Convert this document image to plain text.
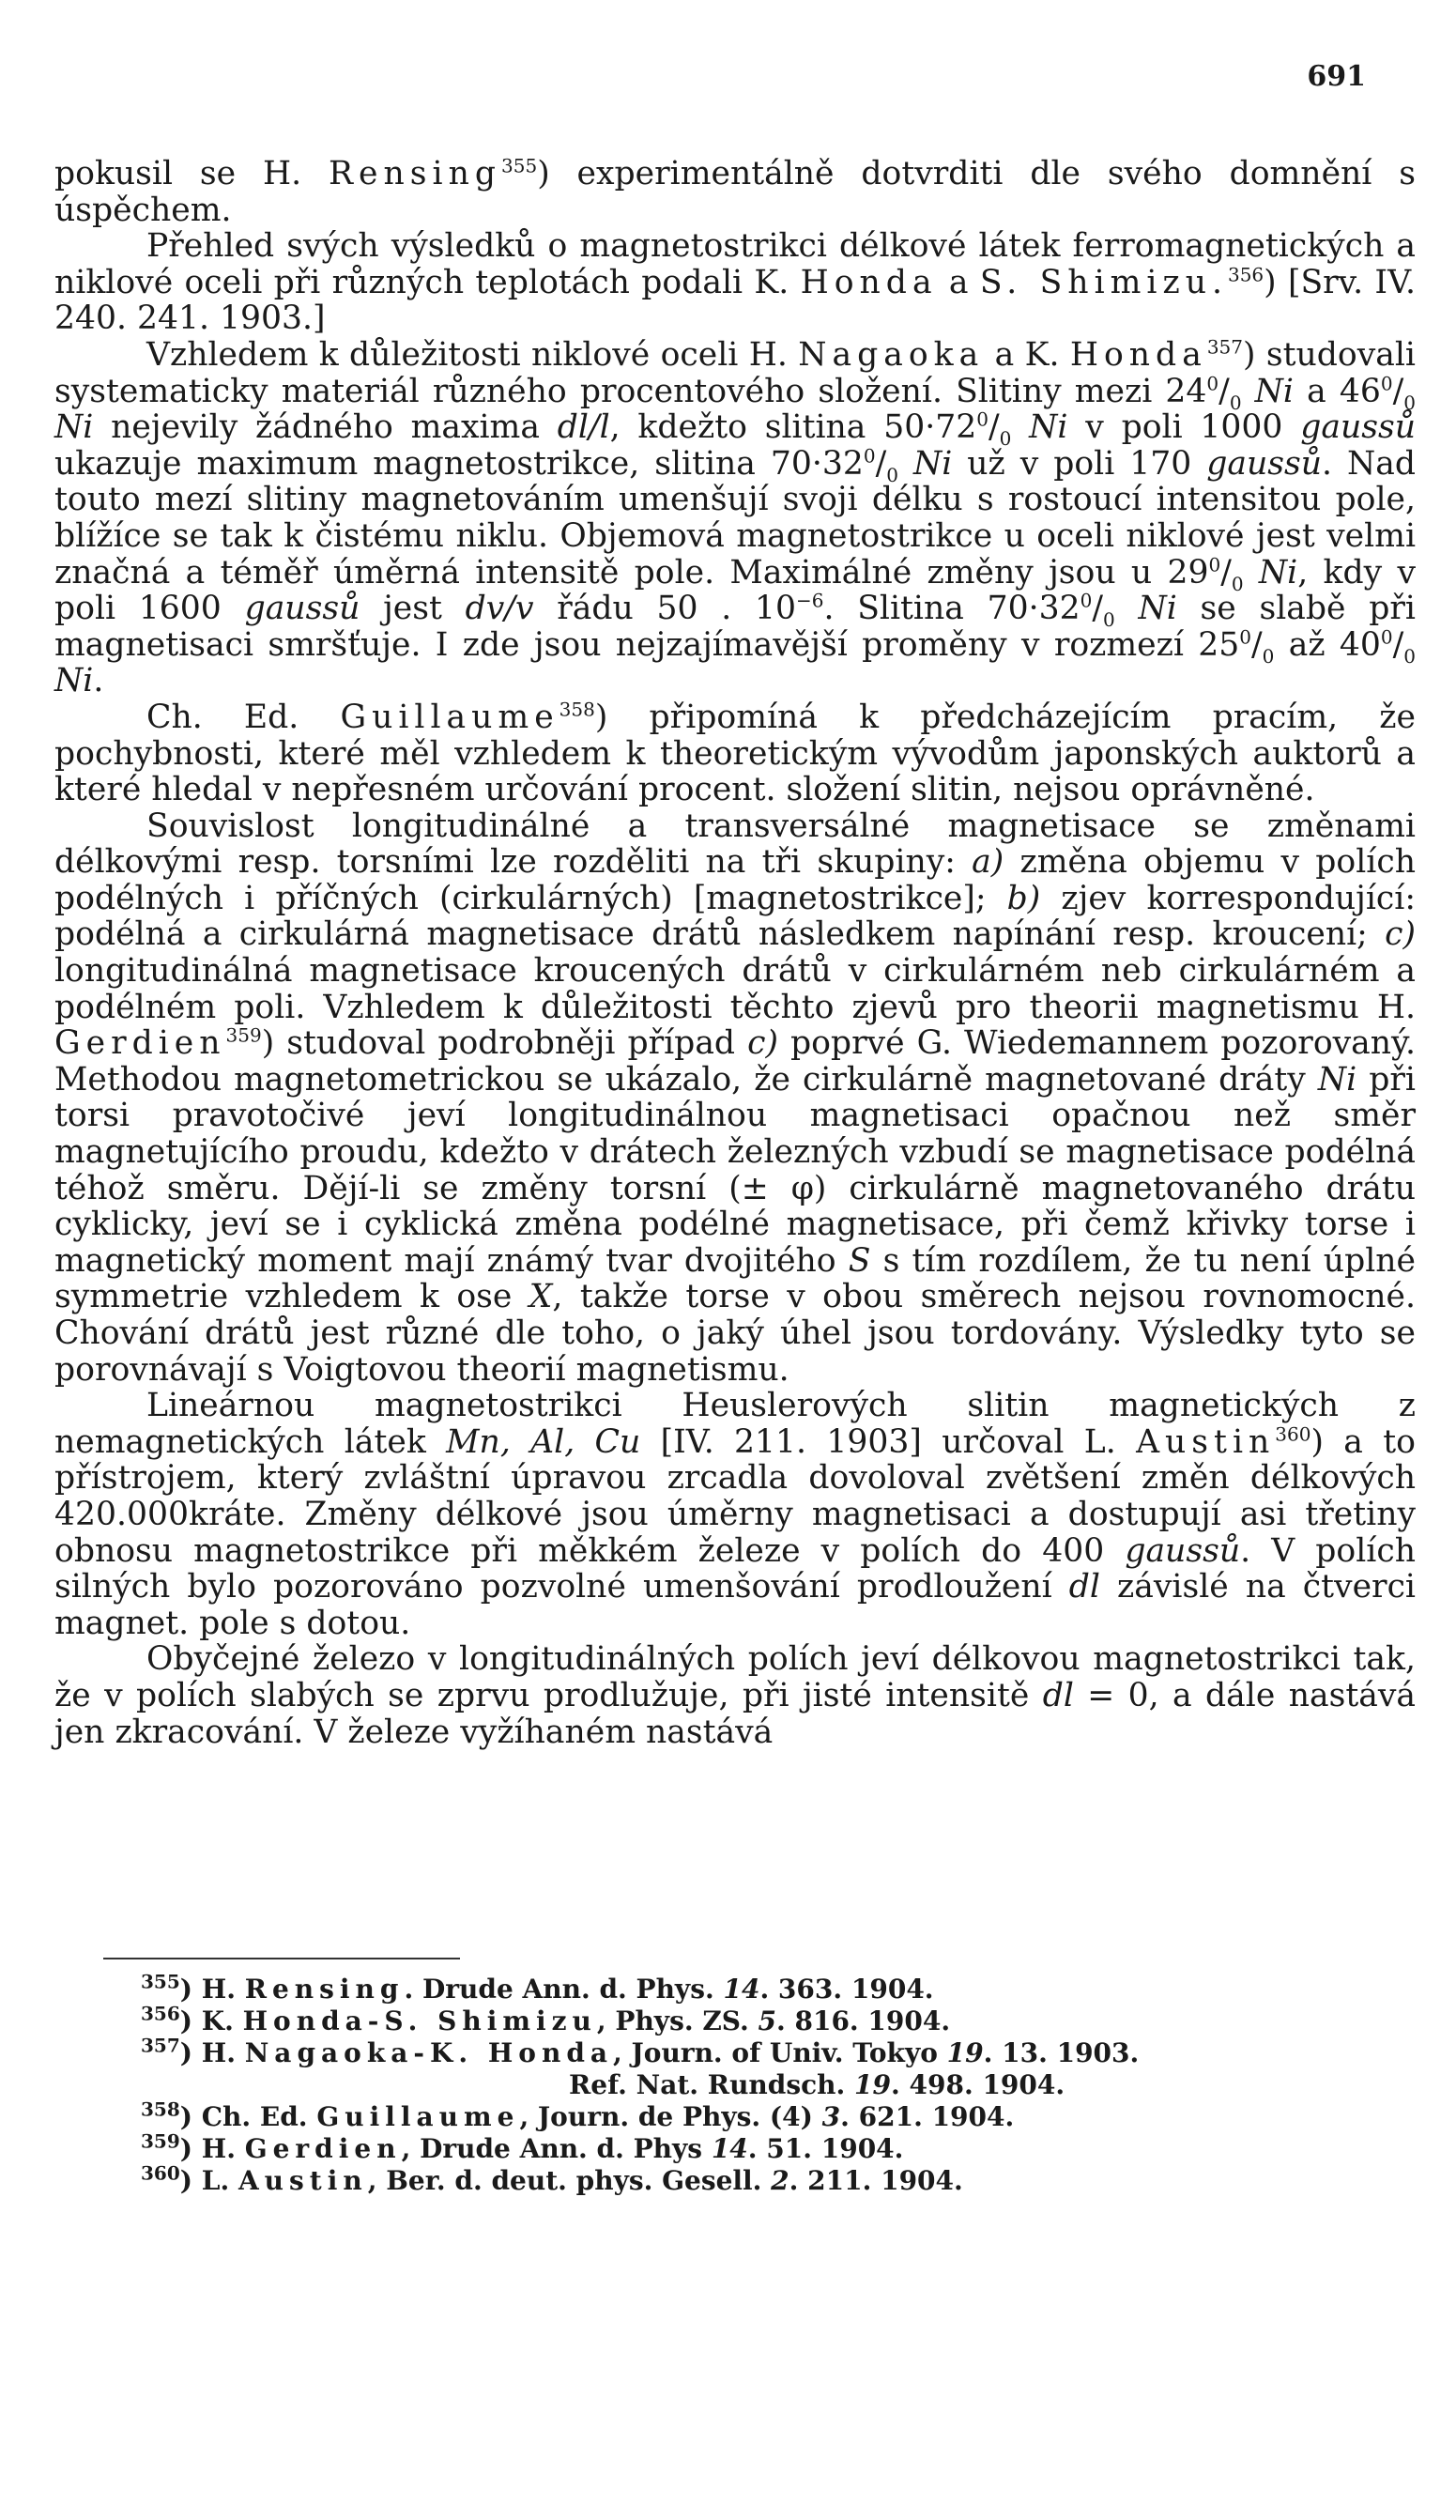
691

pokusil se H. Rensing$^{355}$) experimentálně dotvrditi dle svého domnění s úspěchem.

Přehled svých výsledků o magnetostrikci délkové látek ferromagnetických a niklové oceli při různých teplotách podali K. Honda a S. Shimizu.$^{356}$) [Srv. IV. 240. 241. 1903.]

Vzhledem k důležitosti niklové oceli H. Nagaoka a K. Honda$^{357}$) studovali systematicky materiál různého procentového složení. Slitiny mezi $24^0/_0$ Ni a $46^0/_0$ Ni nejevily žádného maxima dl/l, kdežto slitina $50\cdot 72^0/_0$ Ni v poli 1000 gaussů ukazuje maximum magnetostrikce, slitina $70\cdot 32^0/_0$ Ni už v poli 170 gaussů. Nad touto mezí slitiny magnetováním umenšují svoji délku s rostoucí intensitou pole, blížíce se tak k čistému niklu. Objemová magnetostrikce u oceli niklové jest velmi značná a téměř úměrná intensitě pole. Maximálné změny jsou u $29^0/_0$ Ni, kdy v poli 1600 gaussů jest dv/v řádu 50 . $10^{-6}$. Slitina $70\cdot 32^0/_0$ Ni se slabě při magnetisaci smršťuje. I zde jsou nejzajímavější proměny v rozmezí $25^0/_0$ až $40^0/_0$ Ni.

Ch. Ed. Guillaume$^{358}$) připomíná k předcházejícím pracím, že pochybnosti, které měl vzhledem k theoretickým vývodům japonských auktorů a které hledal v nepřesném určování procent. složení slitin, nejsou oprávněné.

Souvislost longitudinálné a transversálné magnetisace se změnami délkovými resp. torsními lze rozděliti na tři skupiny: a) změna objemu v polích podélných i příčných (cirkulárných) [magnetostrikce]; b) zjev korrespondující: podélná a cirkulárná magnetisace drátů následkem napínání resp. kroucení; c) longitudinálná magnetisace kroucených drátů v cirkulárném neb cirkulárném a podélném poli. Vzhledem k důležitosti těchto zjevů pro theorii magnetismu H. Gerdien$^{359}$) studoval podrobněji případ c) poprvé G. Wiedemannem pozorovaný. Methodou magnetometrickou se ukázalo, že cirkulárně magnetované dráty Ni při torsi pravotočivé jeví longitudinálnou magnetisaci opačnou než směr magnetujícího proudu, kdežto v drátech železných vzbudí se magnetisace podélná téhož směru. Dějí-li se změny torsní (± φ) cirkulárně magnetovaného drátu cyklicky, jeví se i cyklická změna podélné magnetisace, při čemž křivky torse i magnetický moment mají známý tvar dvojitého S s tím rozdílem, že tu není úplné symmetrie vzhledem k ose X, takže torse v obou směrech nejsou rovnomocné. Chování drátů jest různé dle toho, o jaký úhel jsou tordovány. Výsledky tyto se porovnávají s Voigtovou theorií magnetismu.

Lineárnou magnetostrikci Heuslerových slitin magnetických z nemagnetických látek Mn, Al, Cu [IV. 211. 1903] určoval L. Austin$^{360}$) a to přístrojem, který zvláštní úpravou zrcadla dovoloval zvětšení změn délkových 420.000kráte. Změny délkové jsou úměrny magnetisaci a dostupují asi třetiny obnosu magnetostrikce při měkkém železe v polích do 400 gaussů. V polích silných bylo pozorováno pozvolné umenšování prodloužení dl závislé na čtverci magnet. pole s dotou.

Obyčejné železo v longitudinálných polích jeví délkovou magnetostrikci tak, že v polích slabých se zprvu prodlužuje, při jisté intensitě dl = 0, a dále nastává jen zkracování. V železe vyžíhaném nastává

$^{355}$) H. Rensing. Drude Ann. d. Phys. 14. 363. 1904.
$^{356}$) K. Honda-S. Shimizu, Phys. ZS. 5. 816. 1904.
$^{357}$) H. Nagaoka-K. Honda, Journ. of Univ. Tokyo 19. 13. 1903.
Ref. Nat. Rundsch. 19. 498. 1904.
$^{358}$) Ch. Ed. Guillaume, Journ. de Phys. (4) 3. 621. 1904.
$^{359}$) H. Gerdien, Drude Ann. d. Phys 14. 51. 1904.
$^{360}$) L. Austin, Ber. d. deut. phys. Gesell. 2. 211. 1904.
